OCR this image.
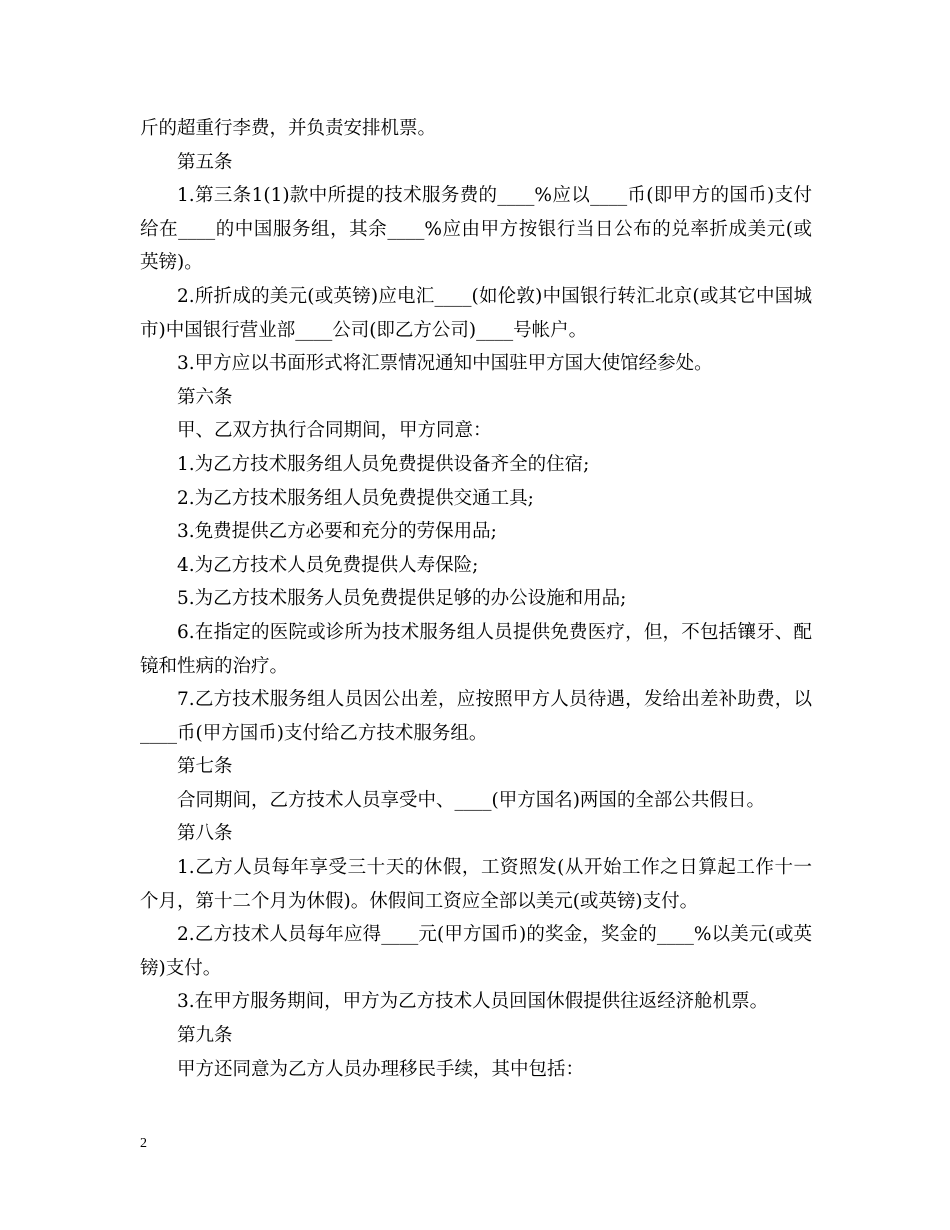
斤的超重行李费，并负责安排机票。

第五条

1.第三条1(1)款中所提的技术服务费的____%应以____币(即甲方的国币)支付给在____的中国服务组，其余____%应由甲方按银行当日公布的兑率折成美元(或英镑)。

2.所折成的美元(或英镑)应电汇____(如伦敦)中国银行转汇北京(或其它中国城市)中国银行营业部____公司(即乙方公司)____号帐户。

3.甲方应以书面形式将汇票情况通知中国驻甲方国大使馆经参处。

第六条

甲、乙双方执行合同期间，甲方同意：

1.为乙方技术服务组人员免费提供设备齐全的住宿;

2.为乙方技术服务组人员免费提供交通工具;

3.免费提供乙方必要和充分的劳保用品;

4.为乙方技术人员免费提供人寿保险;

5.为乙方技术服务人员免费提供足够的办公设施和用品;

6.在指定的医院或诊所为技术服务组人员提供免费医疗，但，不包括镶牙、配镜和性病的治疗。

7.乙方技术服务组人员因公出差，应按照甲方人员待遇，发给出差补助费，以____币(甲方国币)支付给乙方技术服务组。

第七条

合同期间，乙方技术人员享受中、____(甲方国名)两国的全部公共假日。

第八条

1.乙方人员每年享受三十天的休假，工资照发(从开始工作之日算起工作十一个月，第十二个月为休假)。休假间工资应全部以美元(或英镑)支付。

2.乙方技术人员每年应得____元(甲方国币)的奖金，奖金的____%以美元(或英镑)支付。

3.在甲方服务期间，甲方为乙方技术人员回国休假提供往返经济舱机票。

第九条

甲方还同意为乙方人员办理移民手续，其中包括：

2
